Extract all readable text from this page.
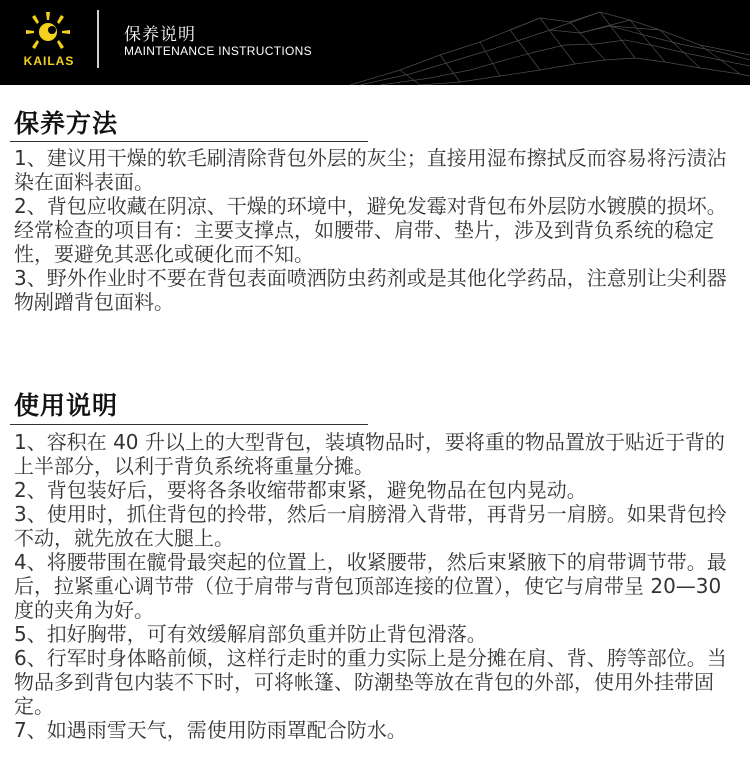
KAILAS
保养说明
MAINTENANCE INSTRUCTIONS
保养方法

1、建议用干燥的软毛刷清除背包外层的灰尘；直接用湿布擦拭反而容易将污渍沾染在面料表面。

2、背包应收藏在阴凉、干燥的环境中，避免发霉对背包布外层防水镀膜的损坏。经常检查的项目有：主要支撑点，如腰带、肩带、垫片，涉及到背负系统的稳定性，要避免其恶化或硬化而不知。

3、野外作业时不要在背包表面喷洒防虫药剂或是其他化学药品，注意别让尖利器物剐蹭背包面料。

使用说明

1、容积在 40 升以上的大型背包，装填物品时，要将重的物品置放于贴近于背的上半部分，以利于背负系统将重量分摊。

2、背包装好后，要将各条收缩带都束紧，避免物品在包内晃动。

3、使用时，抓住背包的拎带，然后一肩膀滑入背带，再背另一肩膀。如果背包拎不动，就先放在大腿上。

4、将腰带围在髋骨最突起的位置上，收紧腰带，然后束紧腋下的肩带调节带。最后，拉紧重心调节带（位于肩带与背包顶部连接的位置），使它与肩带呈 20—30 度的夹角为好。

5、扣好胸带，可有效缓解肩部负重并防止背包滑落。

6、行军时身体略前倾，这样行走时的重力实际上是分摊在肩、背、胯等部位。当物品多到背包内装不下时，可将帐篷、防潮垫等放在背包的外部，使用外挂带固定。

7、如遇雨雪天气，需使用防雨罩配合防水。
